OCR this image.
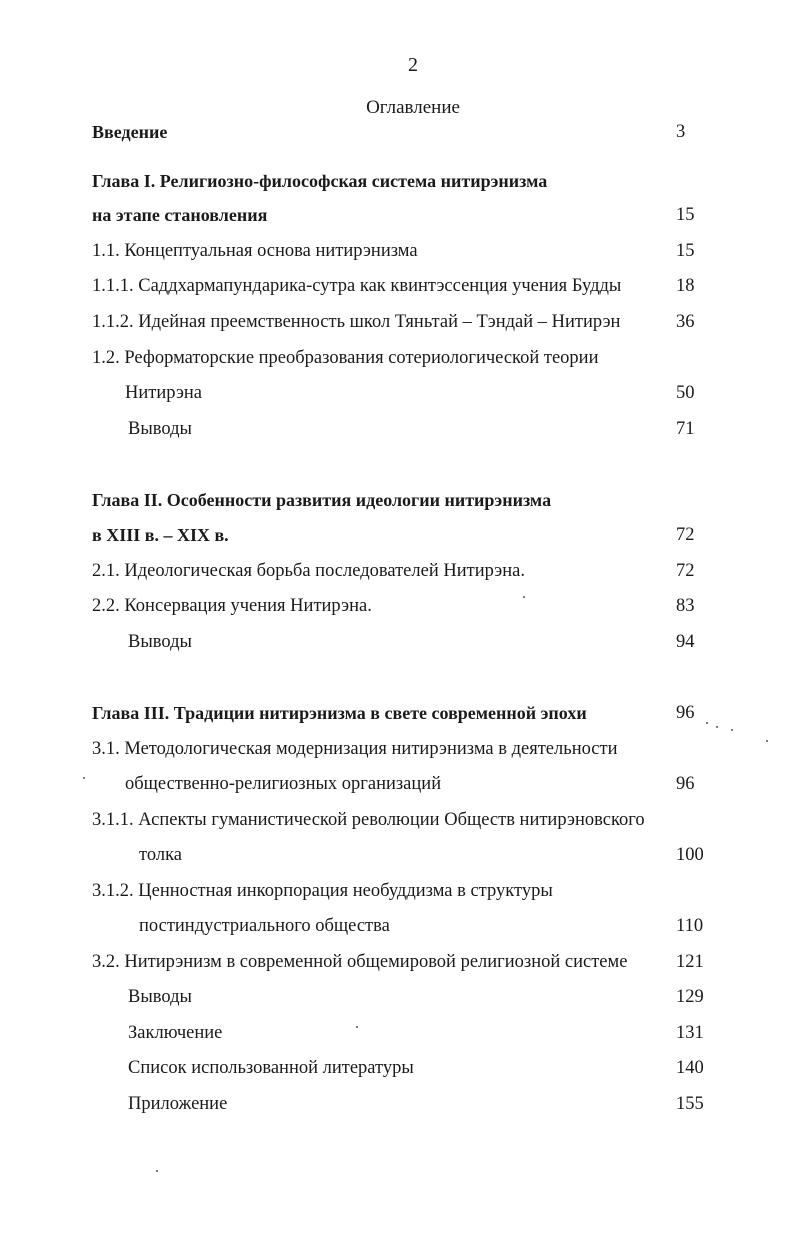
2
Оглавление
Введение	3
Глава I. Религиозно-философская система нитирэнизма
на этапе становления	15
1.1. Концептуальная основа нитирэнизма	15
1.1.1. Саддхармапундарика-сутра как квинтэссенция учения Будды	18
1.1.2. Идейная преемственность школ Тяньтай – Тэндай – Нитирэн	36
1.2. Реформаторские преобразования сотериологической теории
Нитирэна	50
Выводы	71
Глава II. Особенности развития идеологии нитирэнизма
в XIII в. – XIX в.	72
2.1. Идеологическая борьба последователей Нитирэна.	72
2.2. Консервация учения Нитирэна.	83
Выводы	94
Глава III. Традиции нитирэнизма в свете современной эпохи	96
3.1. Методологическая модернизация нитирэнизма в деятельности
общественно-религиозных организаций	96
3.1.1. Аспекты гуманистической революции Обществ нитирэновского
толка	100
3.1.2. Ценностная инкорпорация необуддизма в структуры
постиндустриального общества	110
3.2. Нитирэнизм в современной общемировой религиозной системе	121
Выводы	129
Заключение	131
Список использованной литературы	140
Приложение	155
